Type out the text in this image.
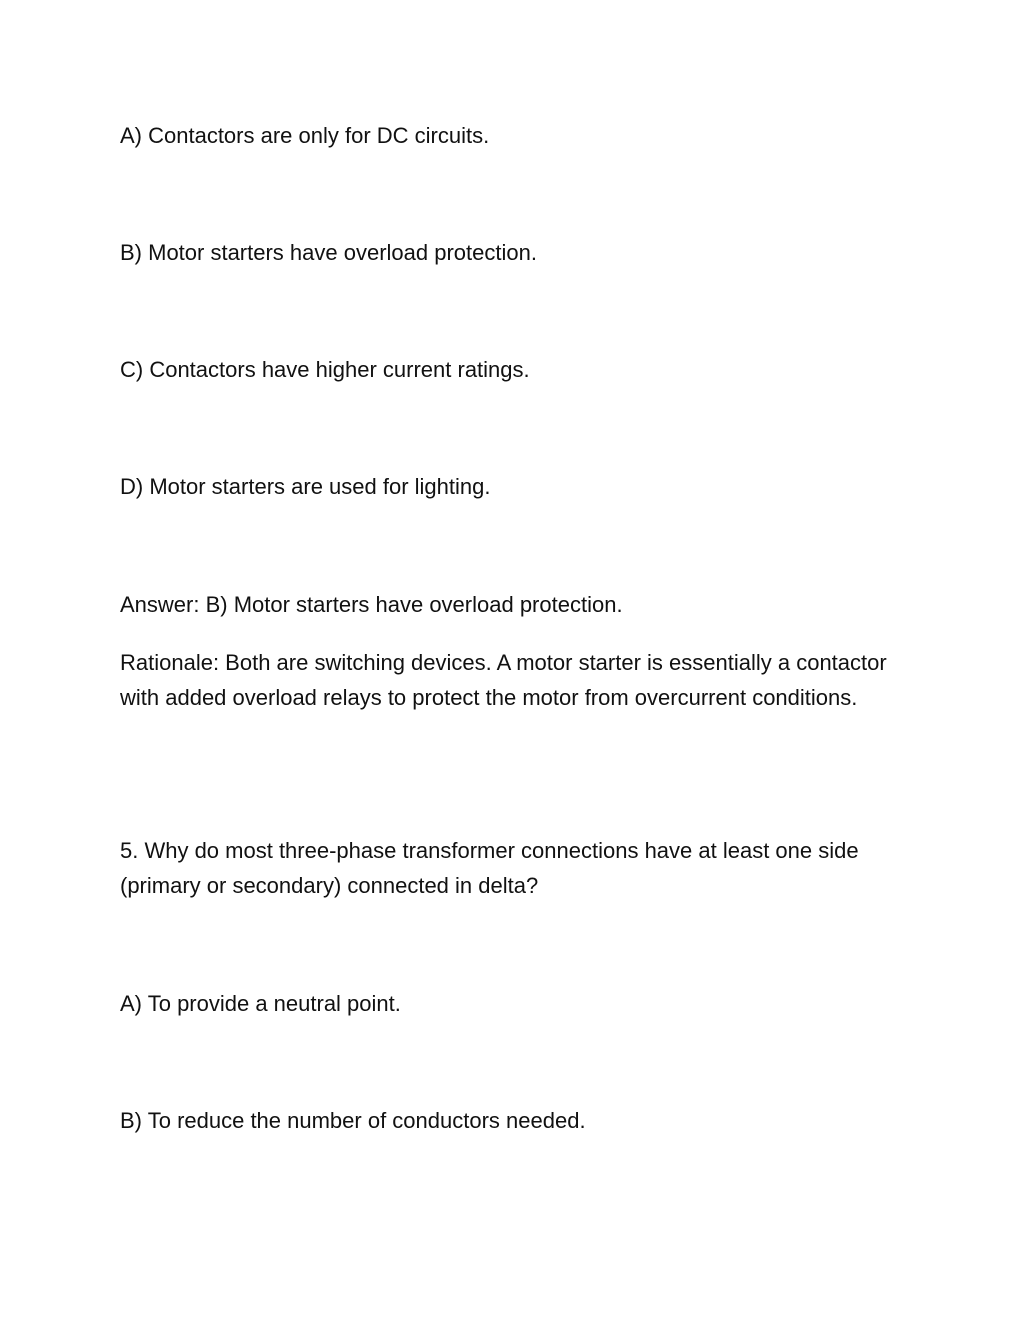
A) Contactors are only for DC circuits.
B) Motor starters have overload protection.
C) Contactors have higher current ratings.
D) Motor starters are used for lighting.
Answer: B) Motor starters have overload protection.
Rationale: Both are switching devices. A motor starter is essentially a contactor with added overload relays to protect the motor from overcurrent conditions.
5. Why do most three-phase transformer connections have at least one side (primary or secondary) connected in delta?
A) To provide a neutral point.
B) To reduce the number of conductors needed.
